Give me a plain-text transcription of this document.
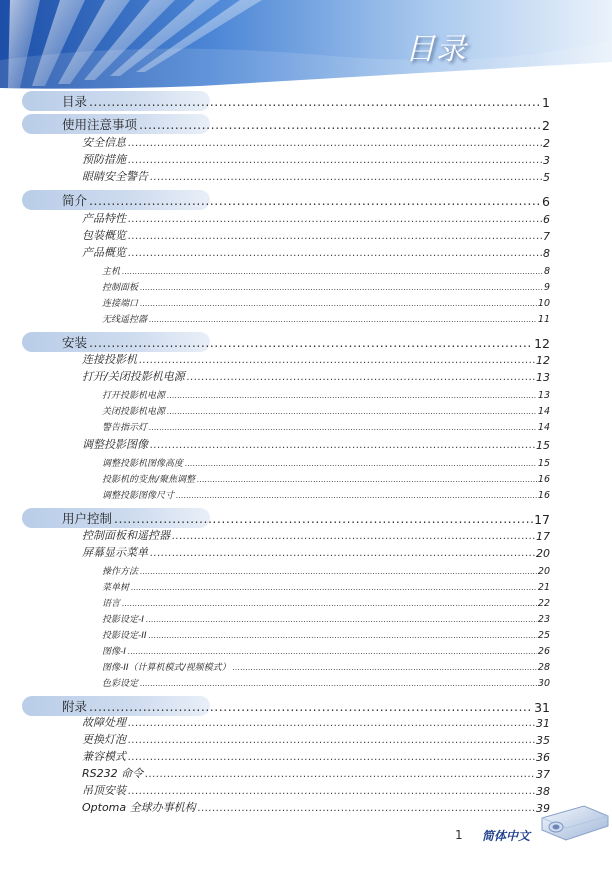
目录
目录 .....	1
使用注意事项 .....	2
安全信息 .....	2
预防措施 .....	3
眼睛安全警告 .....	5
简介 .....	6
产品特性 .....	6
包装概览 .....	7
产品概览 .....	8
主机 .....	8
控制面板 .....	9
连接端口 .....	10
无线遥控器 .....	11
安装 .....	12
连接投影机 .....	12
打开/关闭投影机电源 .....	13
打开投影机电源 .....	13
关闭投影机电源 .....	14
警告指示灯 .....	14
调整投影图像 .....	15
调整投影机图像高度 .....	15
投影机的变焦/聚焦调整 .....	16
调整投影图像尺寸 .....	16
用户控制 .....	17
控制面板和遥控器 .....	17
屏幕显示菜单 .....	20
操作方法 .....	20
菜单树 .....	21
语言 .....	22
投影设定-I .....	23
投影设定-II .....	25
图像-I .....	26
图像-II（计算机模式/视频模式） .....	28
色彩设定 .....	30
附录 .....	31
故障处理 .....	31
更换灯泡 .....	35
兼容模式 .....	36
RS232 命令 .....	37
吊顶安装 .....	38
Optoma 全球办事机构 .....	39
1 简体中文
